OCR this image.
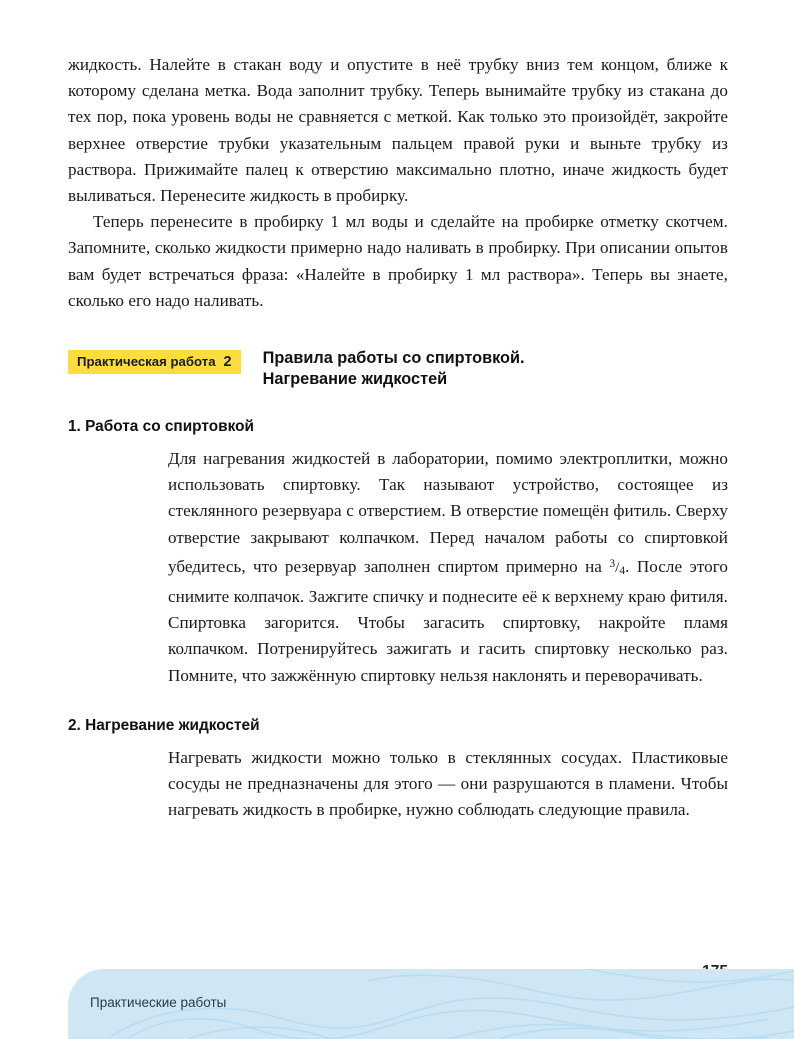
жидкость. Налейте в стакан воду и опустите в неё трубку вниз тем концом, ближе к которому сделана метка. Вода заполнит трубку. Теперь вынимайте трубку из стакана до тех пор, пока уровень воды не сравняется с меткой. Как только это произойдёт, закройте верхнее отверстие трубки указательным пальцем правой руки и выньте трубку из раствора. Прижимайте палец к отверстию максимально плотно, иначе жидкость будет выливаться. Перенесите жидкость в пробирку.

Теперь перенесите в пробирку 1 мл воды и сделайте на пробирке отметку скотчем. Запомните, сколько жидкости примерно надо наливать в пробирку. При описании опытов вам будет встречаться фраза: «Налейте в пробирку 1 мл раствора». Теперь вы знаете, сколько его надо наливать.

Практическая работа 2	Правила работы со спиртовкой.
Нагревание жидкостей
1. Работа со спиртовкой

Для нагревания жидкостей в лаборатории, помимо электроплитки, можно использовать спиртовку. Так называют устройство, состоящее из стеклянного резервуара с отверстием. В отверстие помещён фитиль. Сверху отверстие закрывают колпачком. Перед началом работы со спиртовкой убедитесь, что резервуар заполнен спиртом примерно на $^3/_4$. После этого снимите колпачок. Зажгите спичку и поднесите её к верхнему краю фитиля. Спиртовка загорится. Чтобы загасить спиртовку, накройте пламя колпачком. Потренируйтесь зажигать и гасить спиртовку несколько раз. Помните, что зажжённую спиртовку нельзя наклонять и переворачивать.

2. Нагревание жидкостей

Нагревать жидкости можно только в стеклянных сосудах. Пластиковые сосуды не предназначены для этого — они разрушаются в пламени. Чтобы нагревать жидкость в пробирке, нужно соблюдать следующие правила.

Практические работы
